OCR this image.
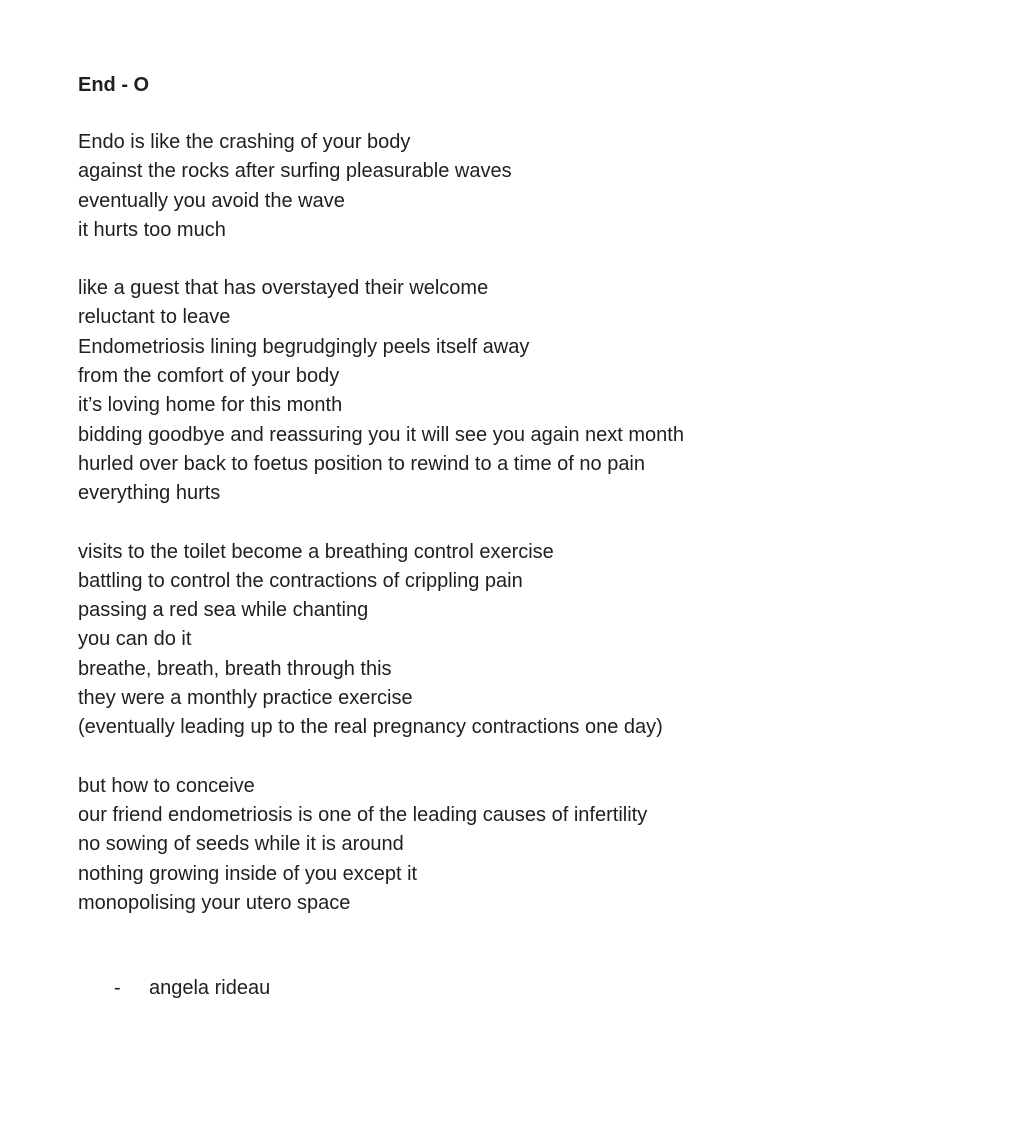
End - O
Endo is like the crashing of your body
against the rocks after surfing pleasurable waves
eventually you avoid the wave
it hurts too much
like a guest that has overstayed their welcome
reluctant to leave
Endometriosis lining begrudgingly peels itself away
from the comfort of your body
it’s loving home for this month
bidding goodbye and reassuring you it will see you again next month
hurled over back to foetus position to rewind to a time of no pain
everything hurts
visits to the toilet become a breathing control exercise
battling to control the contractions of crippling pain
passing a red sea while chanting
you can do it
breathe, breath, breath through this
they were a monthly practice exercise
(eventually leading up to the real pregnancy contractions one day)
but how to conceive
our friend endometriosis is one of the leading causes of infertility
no sowing of seeds while it is around
nothing growing inside of you except it
monopolising your utero space
- angela rideau
